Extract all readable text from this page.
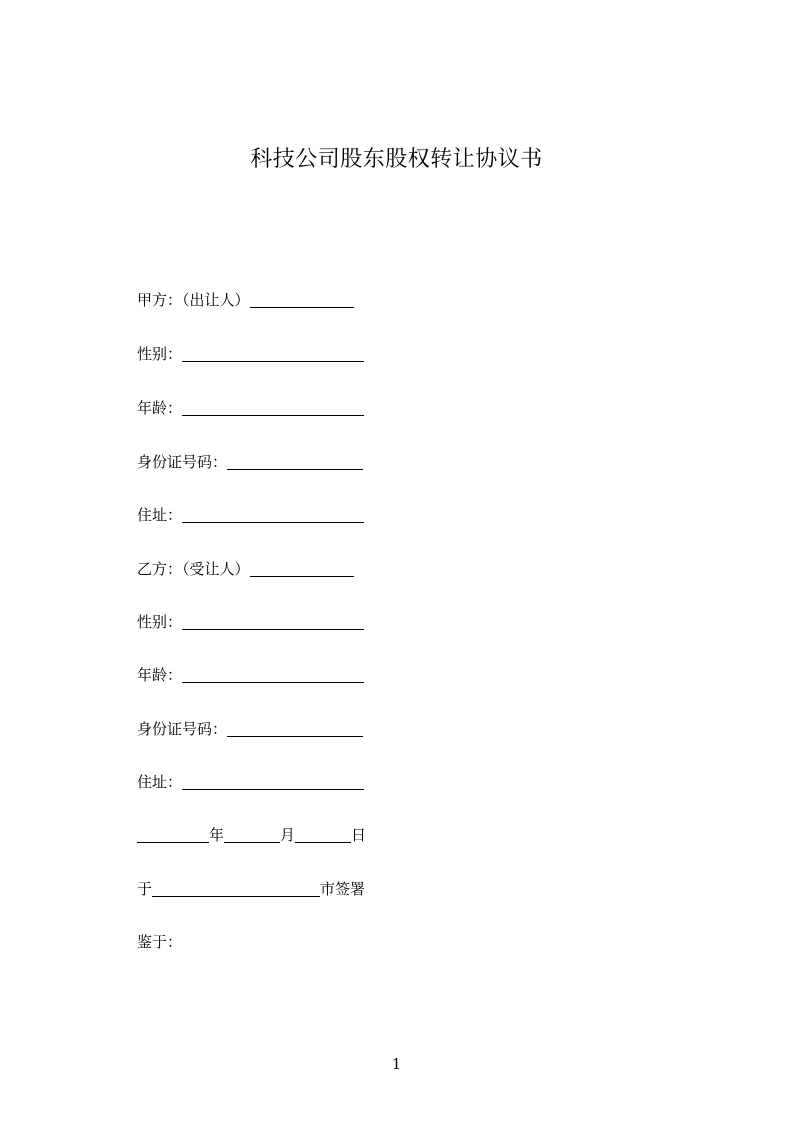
科技公司股东股权转让协议书
甲方：（出让人）
性别：
年龄：
身份证号码：
住址：
乙方：（受让人）
性别：
年龄：
身份证号码：
住址：
年	月	日
于	市签署
鉴于：
1
